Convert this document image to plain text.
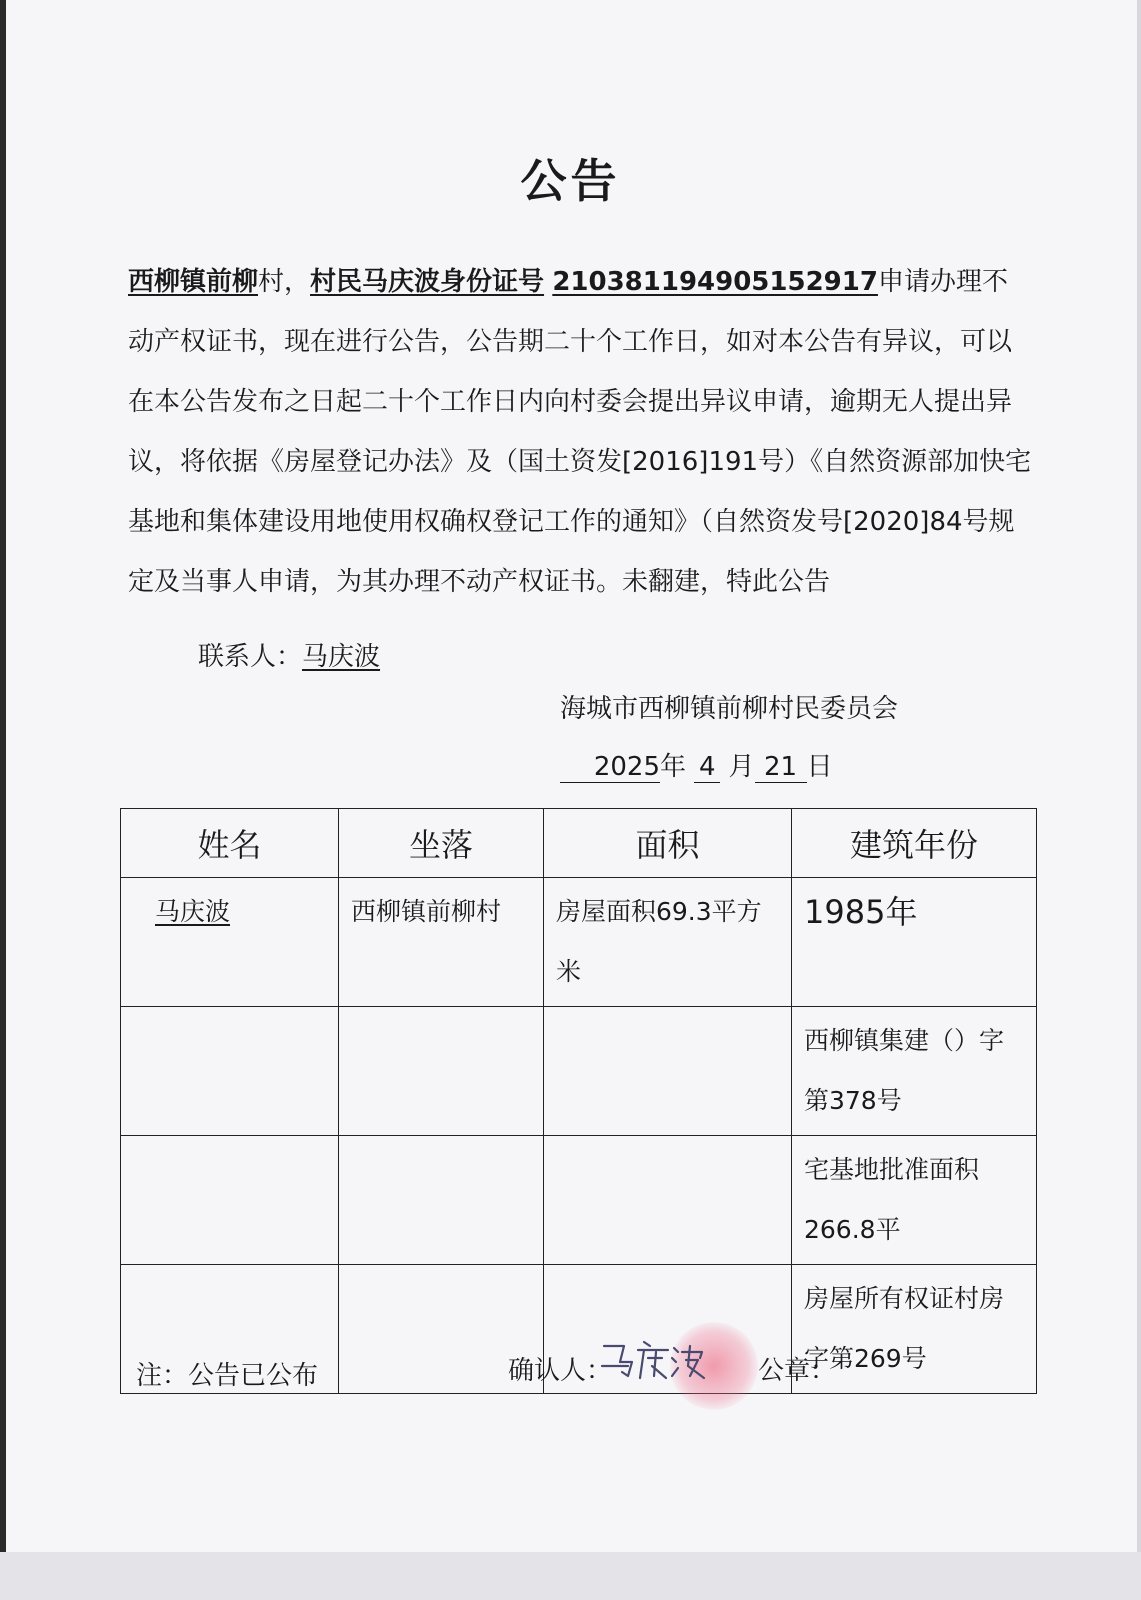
公告
西柳镇前柳村，村民马庆波身份证号 210381194905152917申请办理不动产权证书，现在进行公告，公告期二十个工作日，如对本公告有异议，可以在本公告发布之日起二十个工作日内向村委会提出异议申请，逾期无人提出异议，将依据《房屋登记办法》及（国土资发[2016]191号）《自然资源部加快宅基地和集体建设用地使用权确权登记工作的通知》（自然资发号[2020]84号规定及当事人申请，为其办理不动产权证书。未翻建，特此公告
联系人：马庆波
海城市西柳镇前柳村民委员会
2025年 4 月 21 日
姓名	坐落	面积	建筑年份
马庆波	西柳镇前柳村	房屋面积69.3平方米	1985年
			西柳镇集建（）字第378号
			宅基地批准面积266.8平
			房屋所有权证村房字第269号
注：公告已公布	确认人：	公章：
